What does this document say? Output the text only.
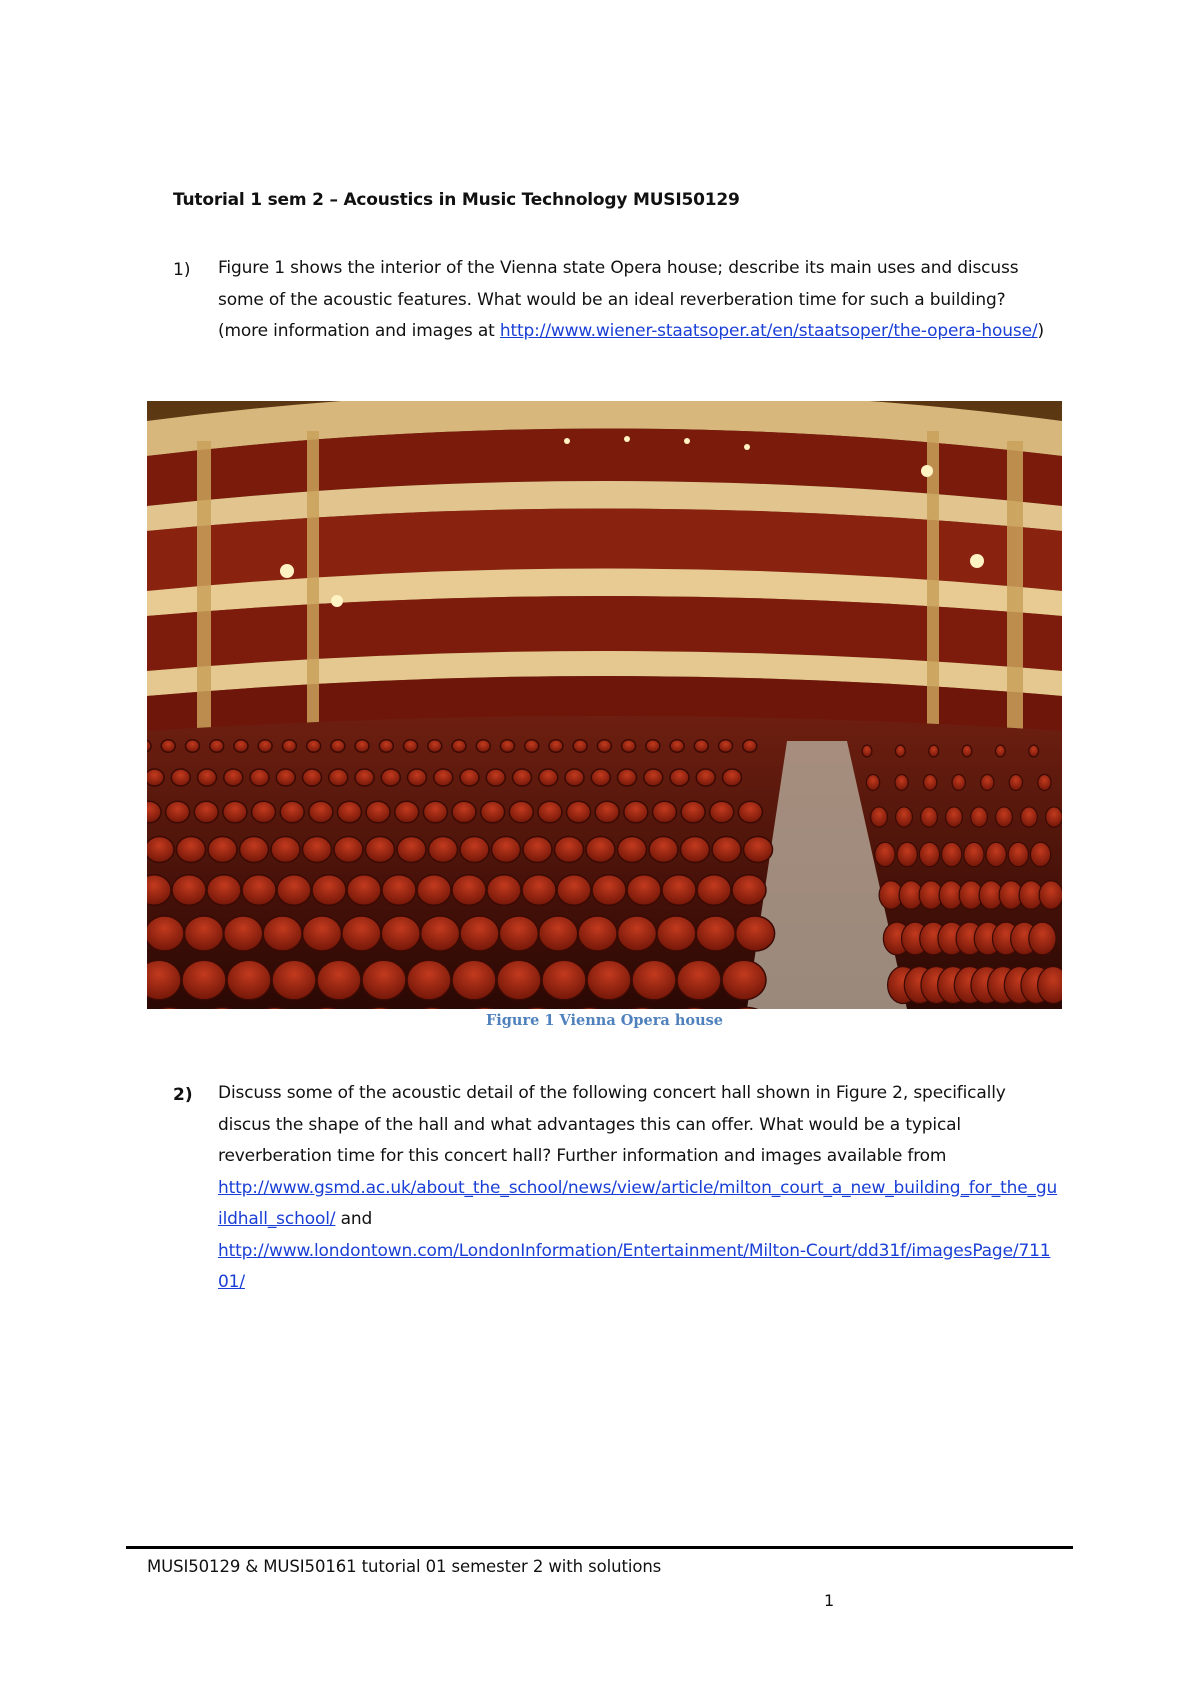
Tutorial 1 sem 2 – Acoustics in Music Technology MUSI50129
1) Figure 1 shows the interior of the Vienna state Opera house; describe its main uses and discuss some of the acoustic features. What would be an ideal reverberation time for such a building? (more information and images at http://www.wiener-staatsoper.at/en/staatsoper/the-opera-house/)
Figure 1 Vienna Opera house
2) Discuss some of the acoustic detail of the following concert hall shown in Figure 2, specifically discus the shape of the hall and what advantages this can offer. What would be a typical reverberation time for this concert hall? Further information and images available from
http://www.gsmd.ac.uk/about_the_school/news/view/article/milton_court_a_new_building_for_the_guildhall_school/ and
http://www.londontown.com/LondonInformation/Entertainment/Milton-Court/dd31f/imagesPage/71101/
MUSI50129 & MUSI50161 tutorial 01 semester 2 with solutions
1
